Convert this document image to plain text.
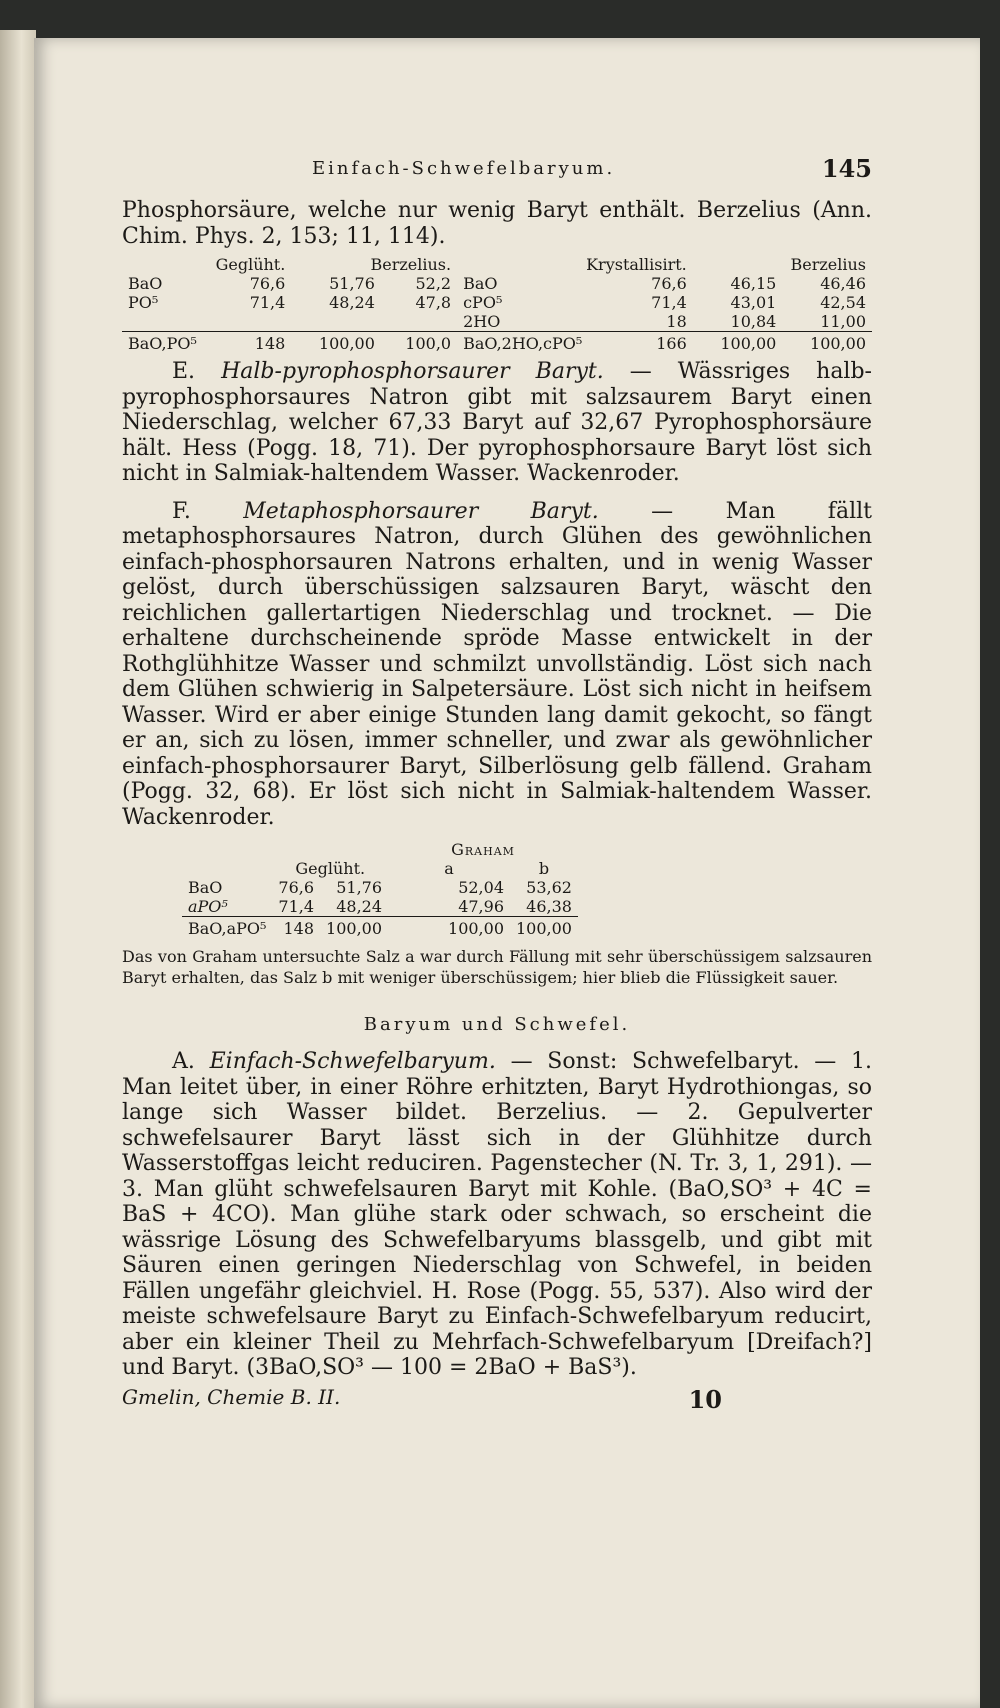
Einfach-Schwefelbaryum.	145

Phosphorsäure, welche nur wenig Baryt enthält. Berzelius (Ann. Chim. Phys. 2, 153; 11, 114).

Geglüht.		Berzelius.		Krystallisirt.		Berzelius	
BaO	76,6	51,76	52,2	BaO	76,6	46,15	46,46
PO⁵	71,4	48,24	47,8	cPO⁵	71,4	43,01	42,54
				2HO	18	10,84	11,00
BaO,PO⁵	148	100,00	100,0	BaO,2HO,cPO⁵	166	100,00	100,00

E. Halb-pyrophosphorsaurer Baryt. — Wässriges halb-pyrophosphorsaures Natron gibt mit salzsaurem Baryt einen Niederschlag, welcher 67,33 Baryt auf 32,67 Pyrophosphorsäure hält. Hess (Pogg. 18, 71). Der pyrophosphorsaure Baryt löst sich nicht in Salmiak-haltendem Wasser. Wackenroder.

F. Metaphosphorsaurer Baryt. — Man fällt metaphosphorsaures Natron, durch Glühen des gewöhnlichen einfach-phosphorsauren Natrons erhalten, und in wenig Wasser gelöst, durch überschüssigen salzsauren Baryt, wäscht den reichlichen gallertartigen Niederschlag und trocknet. — Die erhaltene durchscheinende spröde Masse entwickelt in der Rothglühhitze Wasser und schmilzt unvollständig. Löst sich nach dem Glühen schwierig in Salpetersäure. Löst sich nicht in heifsem Wasser. Wird er aber einige Stunden lang damit gekocht, so fängt er an, sich zu lösen, immer schneller, und zwar als gewöhnlicher einfach-phosphorsaurer Baryt, Silberlösung gelb fällend. Graham (Pogg. 32, 68). Er löst sich nicht in Salmiak-haltendem Wasser. Wackenroder.

			Graham	
	Geglüht.		a	b
BaO	76,6	51,76	52,04	53,62
aPO⁵	71,4	48,24	47,96	46,38
BaO,aPO⁵	148	100,00	100,00	100,00

Das von Graham untersuchte Salz a war durch Fällung mit sehr überschüssigem salzsauren Baryt erhalten, das Salz b mit weniger überschüssigem; hier blieb die Flüssigkeit sauer.

Baryum und Schwefel.

A. Einfach-Schwefelbaryum. — Sonst: Schwefelbaryt. — 1. Man leitet über, in einer Röhre erhitzten, Baryt Hydrothiongas, so lange sich Wasser bildet. Berzelius. — 2. Gepulverter schwefelsaurer Baryt lässt sich in der Glühhitze durch Wasserstoffgas leicht reduciren. Pagenstecher (N. Tr. 3, 1, 291). — 3. Man glüht schwefelsauren Baryt mit Kohle. (BaO,SO³ + 4C = BaS + 4CO). Man glühe stark oder schwach, so erscheint die wässrige Lösung des Schwefelbaryums blassgelb, und gibt mit Säuren einen geringen Niederschlag von Schwefel, in beiden Fällen ungefähr gleichviel. H. Rose (Pogg. 55, 537). Also wird der meiste schwefelsaure Baryt zu Einfach-Schwefelbaryum reducirt, aber ein kleiner Theil zu Mehrfach-Schwefelbaryum [Dreifach?] und Baryt. (3BaO,SO³ — 100 = 2BaO + BaS³).

Gmelin, Chemie B. II.	10
